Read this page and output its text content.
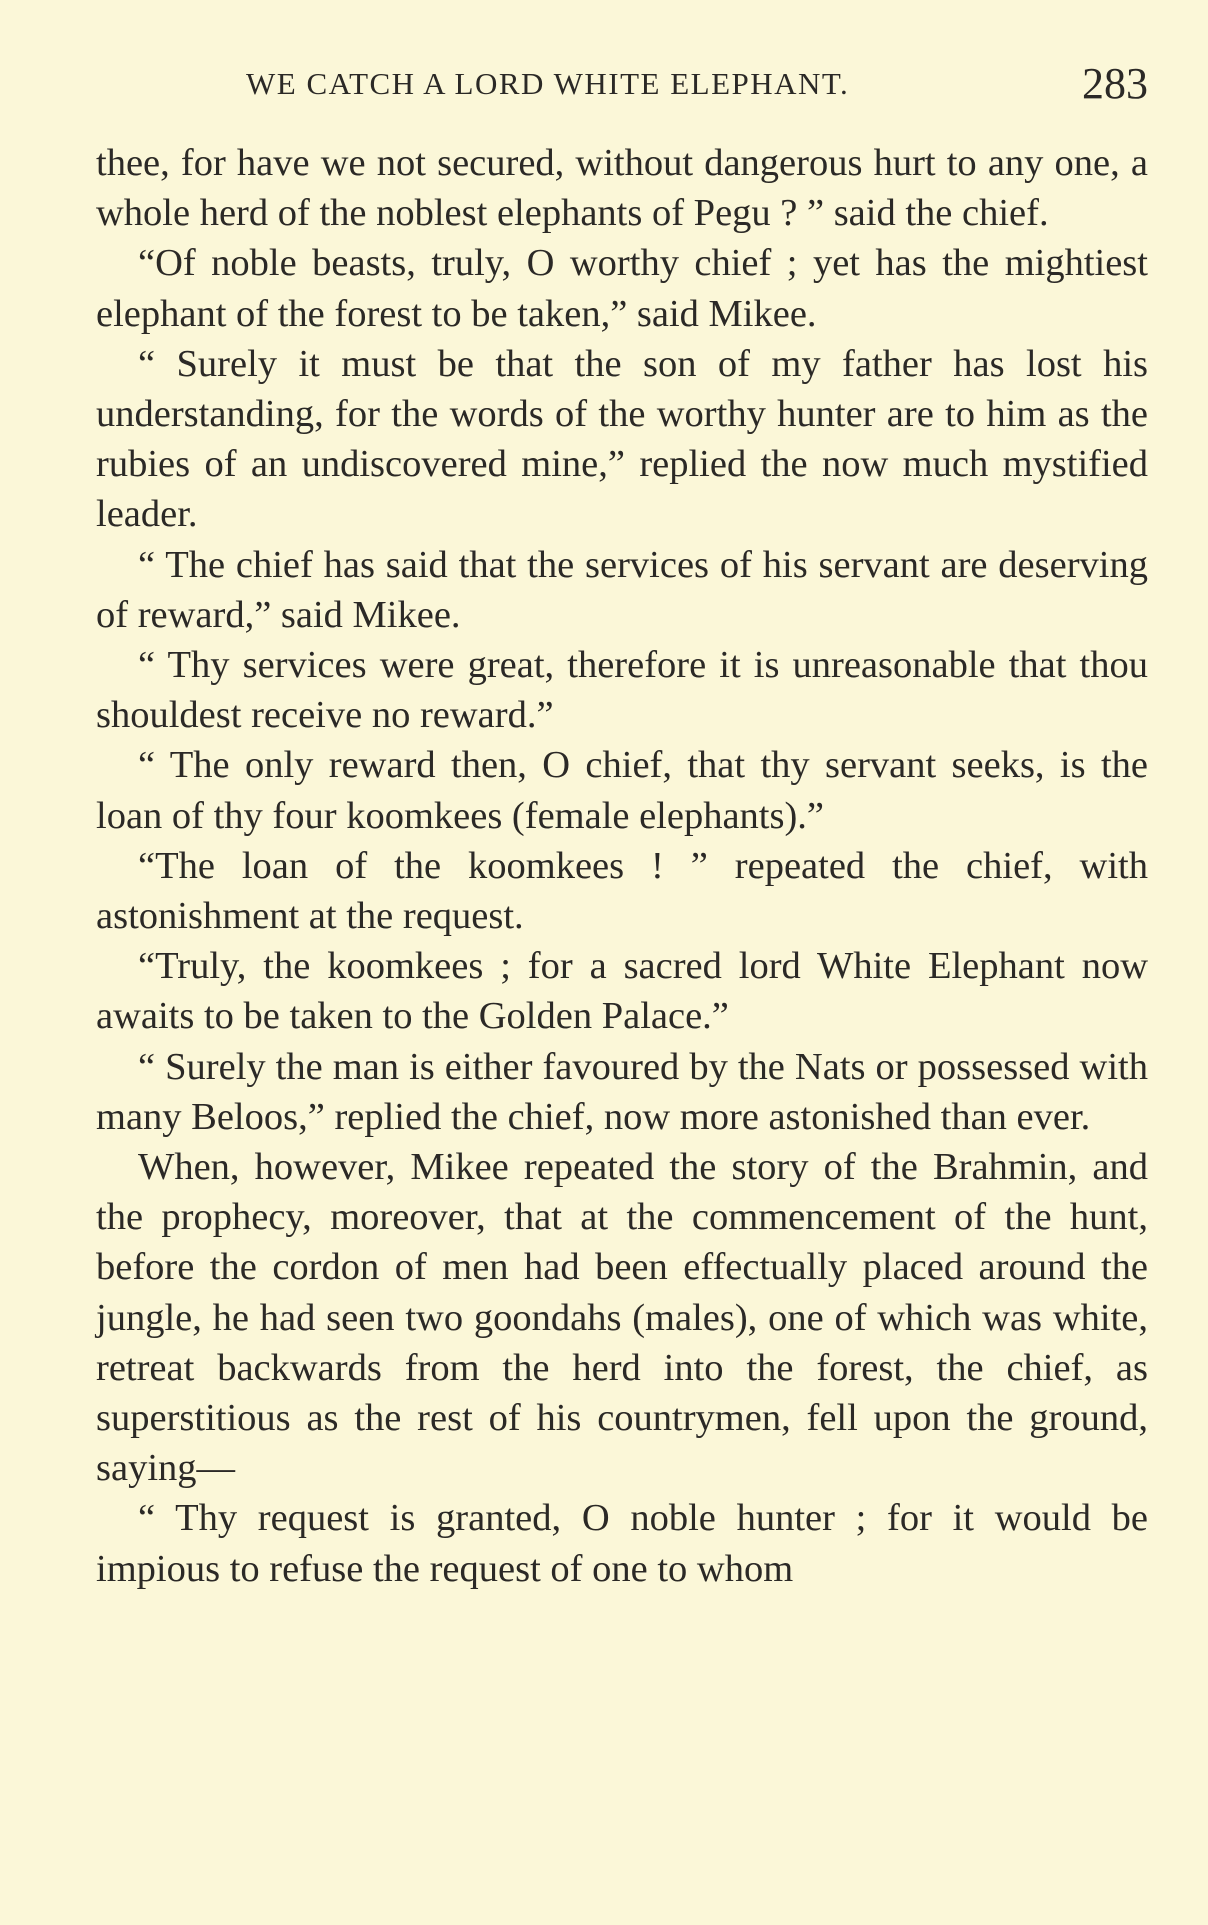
WE CATCH A LORD WHITE ELEPHANT.	283

thee, for have we not secured, without dangerous hurt to any one, a whole herd of the noblest elephants of Pegu ? ” said the chief.

“Of noble beasts, truly, O worthy chief ; yet has the mightiest elephant of the forest to be taken,” said Mikee.

“ Surely it must be that the son of my father has lost his understanding, for the words of the worthy hunter are to him as the rubies of an undiscovered mine,” replied the now much mystified leader.

“ The chief has said that the services of his servant are deserving of reward,” said Mikee.

“ Thy services were great, therefore it is unreasonable that thou shouldest receive no reward.”

“ The only reward then, O chief, that thy servant seeks, is the loan of thy four koomkees (female elephants).”

“The loan of the koomkees ! ” repeated the chief, with astonishment at the request.

“Truly, the koomkees ; for a sacred lord White Elephant now awaits to be taken to the Golden Palace.”

“ Surely the man is either favoured by the Nats or possessed with many Beloos,” replied the chief, now more astonished than ever.

When, however, Mikee repeated the story of the Brahmin, and the prophecy, moreover, that at the commencement of the hunt, before the cordon of men had been effectually placed around the jungle, he had seen two goondahs (males), one of which was white, retreat backwards from the herd into the forest, the chief, as superstitious as the rest of his countrymen, fell upon the ground, saying—

“ Thy request is granted, O noble hunter ; for it would be impious to refuse the request of one to whom
